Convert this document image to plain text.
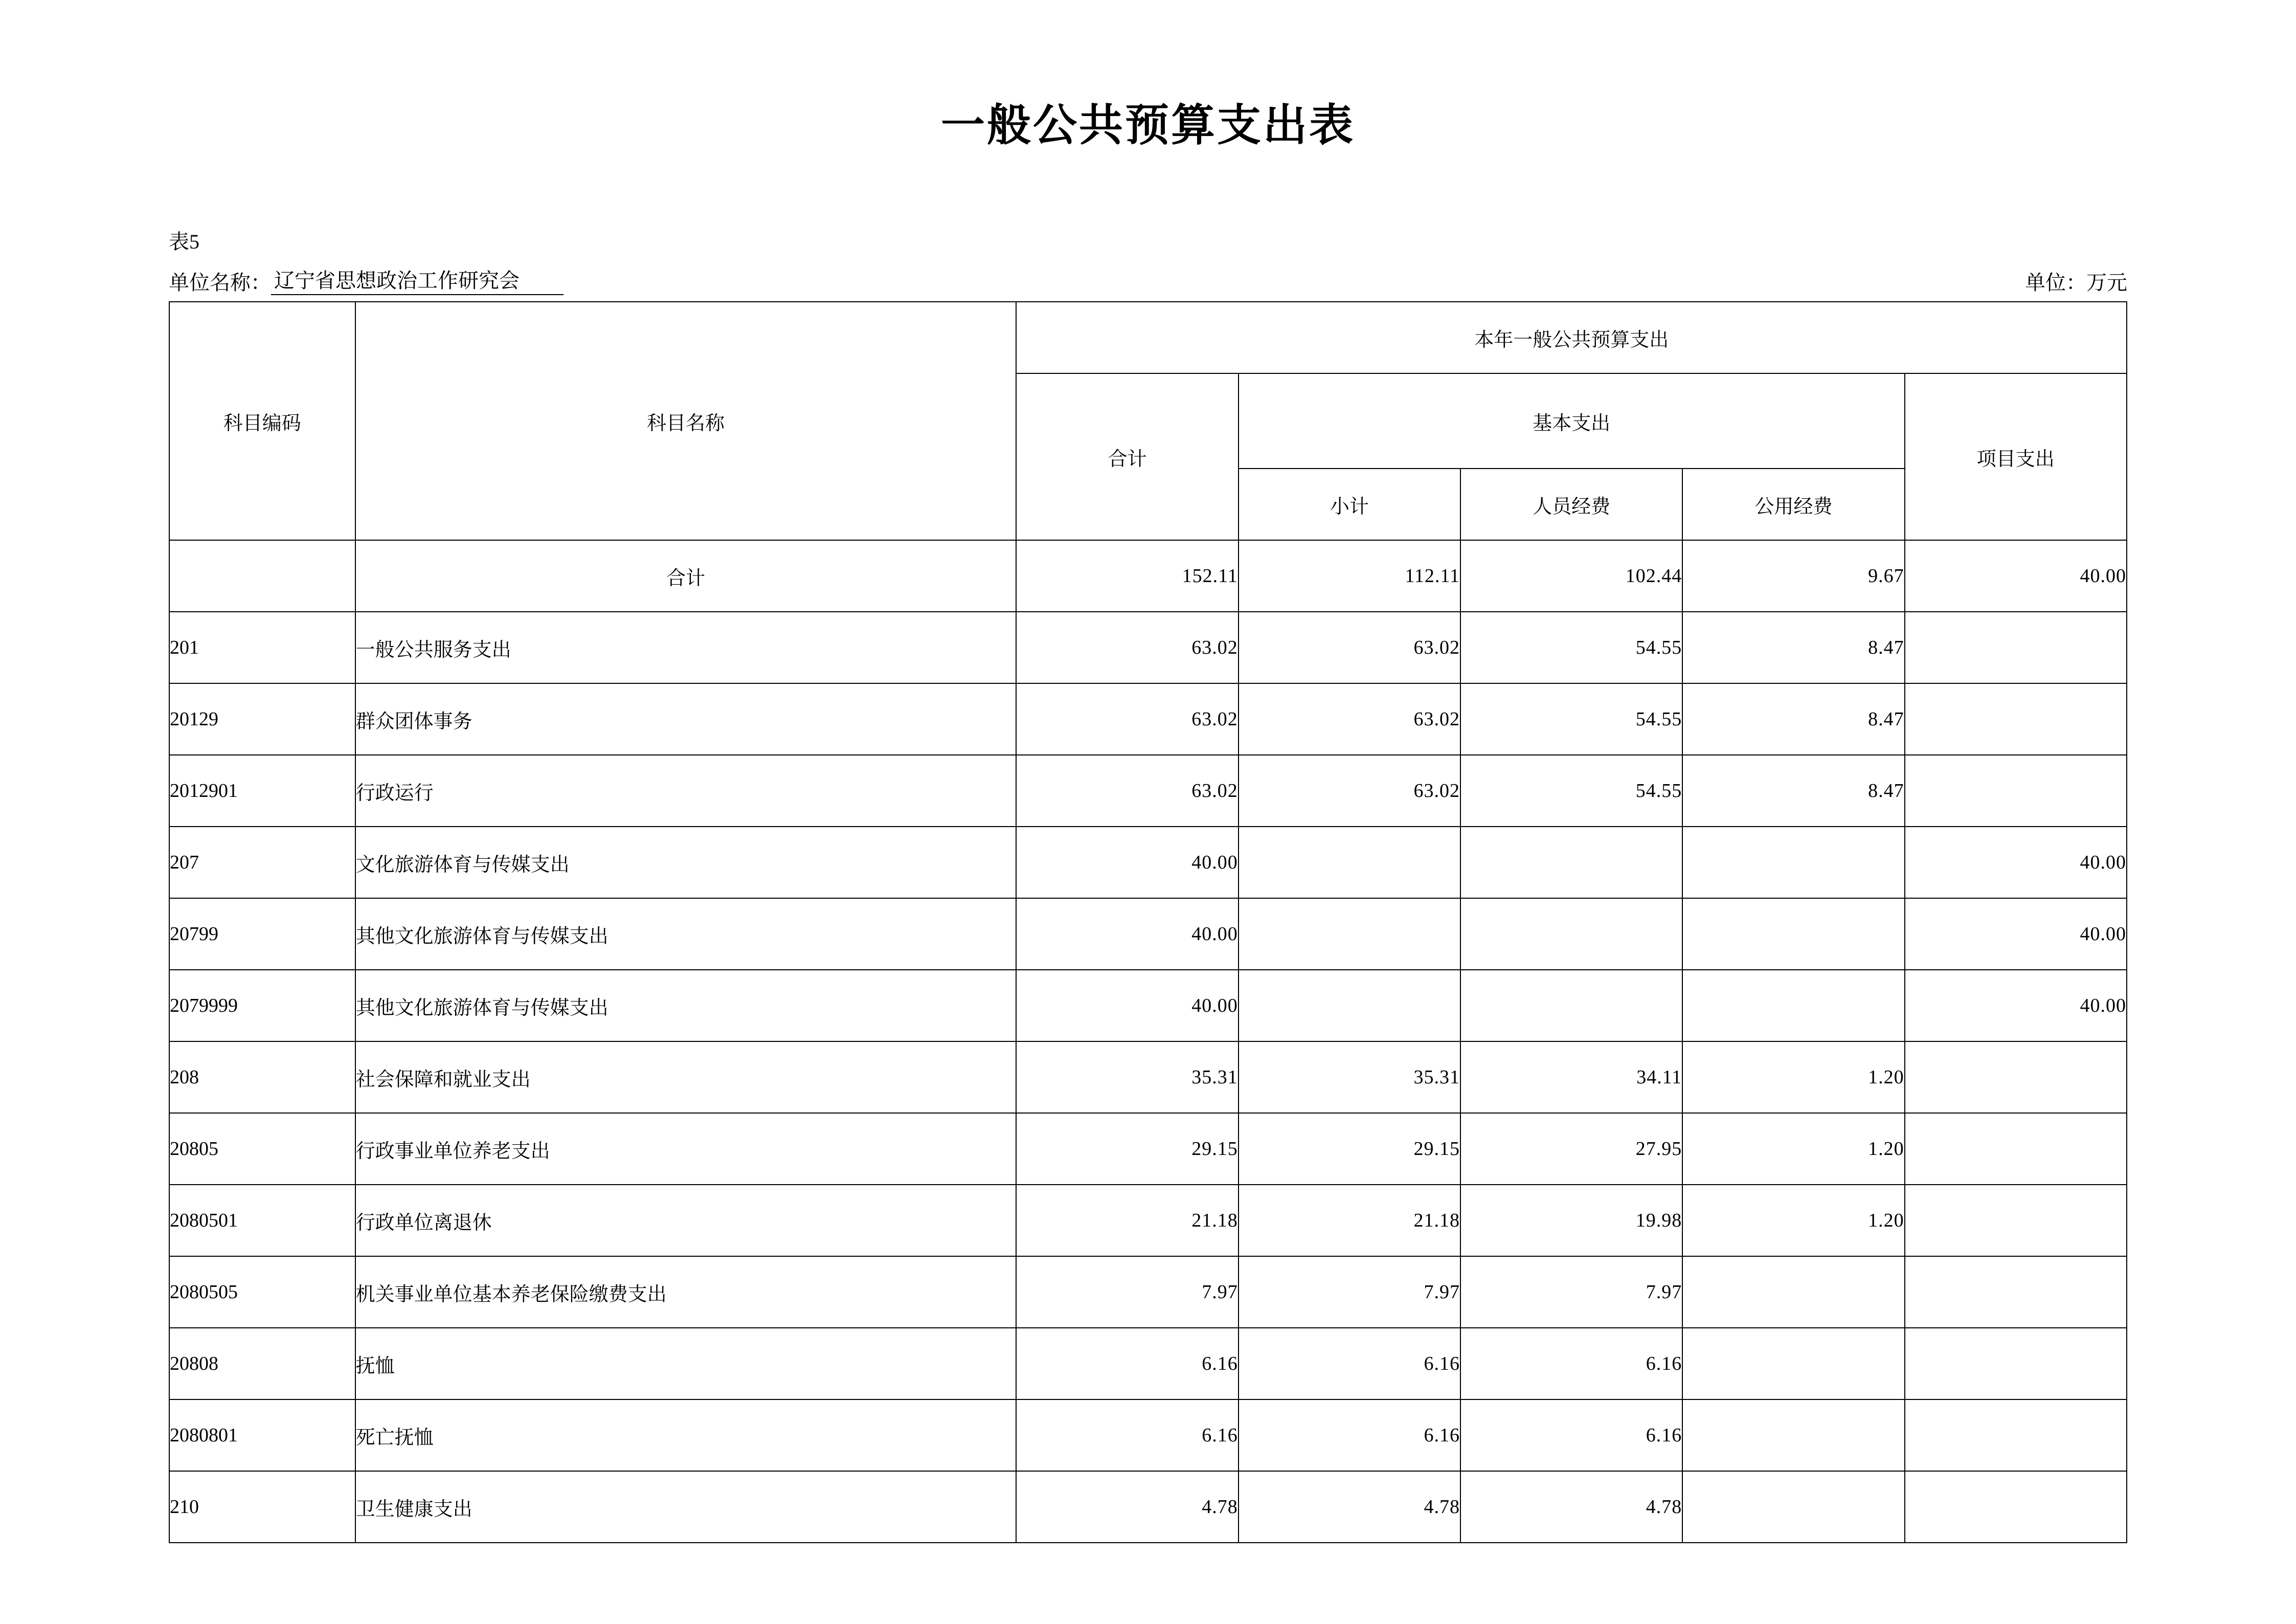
一般公共预算支出表
表5
单位名称： 辽宁省思想政治工作研究会	单位：万元
科目编码	科目名称	本年一般公共预算支出				
		合计	基本支出			项目支出
			小计	人员经费	公用经费	
	合计	152.11	112.11	102.44	9.67	40.00
201	一般公共服务支出	63.02	63.02	54.55	8.47	
20129	群众团体事务	63.02	63.02	54.55	8.47	
2012901	行政运行	63.02	63.02	54.55	8.47	
207	文化旅游体育与传媒支出	40.00				40.00
20799	其他文化旅游体育与传媒支出	40.00				40.00
2079999	其他文化旅游体育与传媒支出	40.00				40.00
208	社会保障和就业支出	35.31	35.31	34.11	1.20	
20805	行政事业单位养老支出	29.15	29.15	27.95	1.20	
2080501	行政单位离退休	21.18	21.18	19.98	1.20	
2080505	机关事业单位基本养老保险缴费支出	7.97	7.97	7.97		
20808	抚恤	6.16	6.16	6.16		
2080801	死亡抚恤	6.16	6.16	6.16		
210	卫生健康支出	4.78	4.78	4.78		
